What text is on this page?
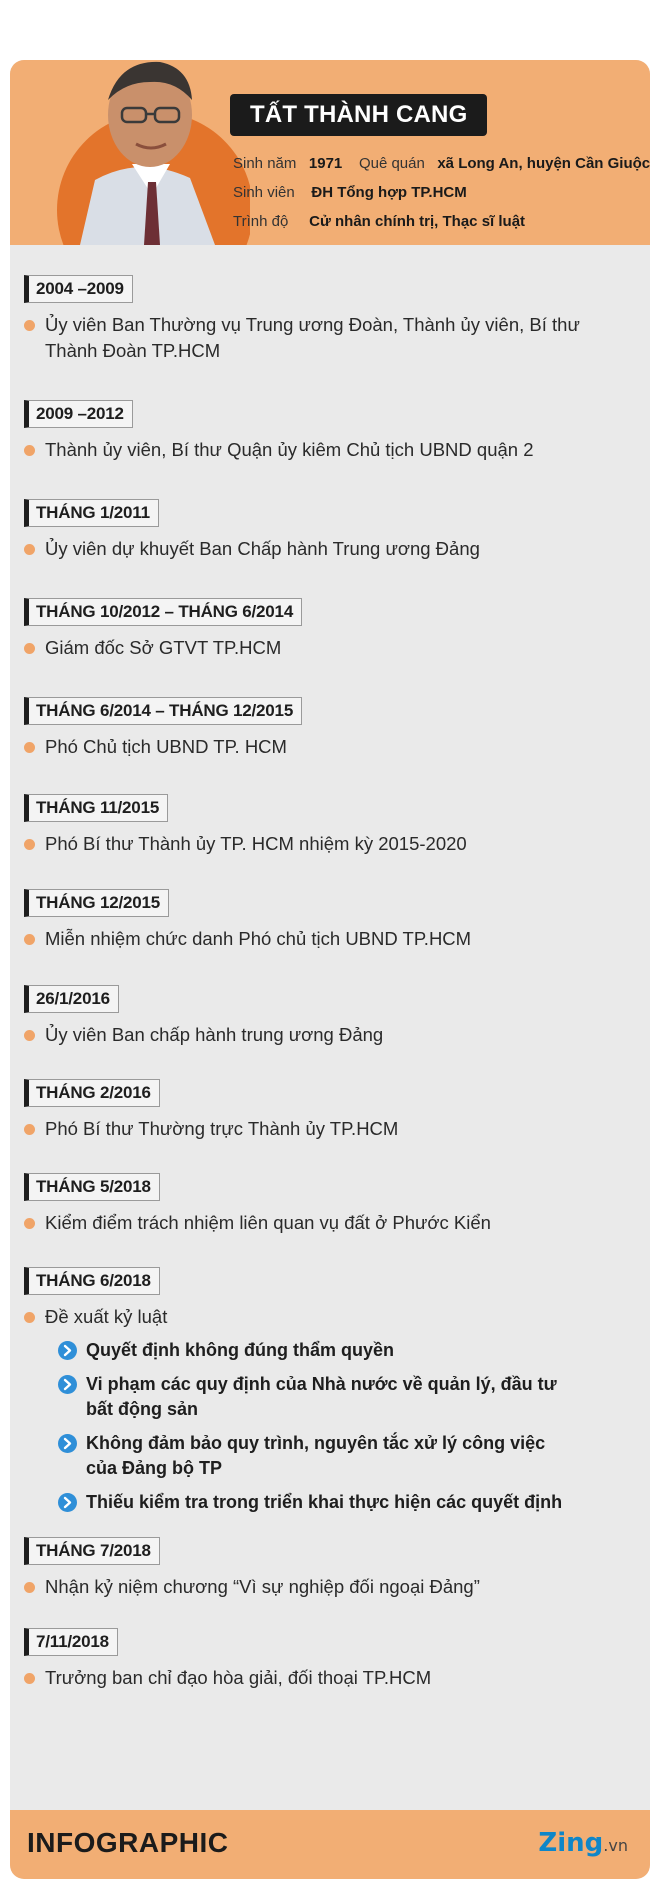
TẤT THÀNH CANG
Sinh năm 1971 Quê quán xã Long An, huyện Cần Giuộc
Sinh viên ĐH Tổng hợp TP.HCM
Trình độ Cử nhân chính trị, Thạc sĩ luật
2004 –2009
Ủy viên Ban Thường vụ Trung ương Đoàn, Thành ủy viên, Bí thư Thành Đoàn TP.HCM
2009 –2012
Thành ủy viên, Bí thư Quận ủy kiêm Chủ tịch UBND quận 2
THÁNG 1/2011
Ủy viên dự khuyết Ban Chấp hành Trung ương Đảng
THÁNG 10/2012 – THÁNG 6/2014
Giám đốc Sở GTVT TP.HCM
THÁNG 6/2014 – THÁNG 12/2015
Phó Chủ tịch UBND TP. HCM
THÁNG 11/2015
Phó Bí thư Thành ủy TP. HCM nhiệm kỳ 2015-2020
THÁNG 12/2015
Miễn nhiệm chức danh Phó chủ tịch UBND TP.HCM
26/1/2016
Ủy viên Ban chấp hành trung ương Đảng
THÁNG 2/2016
Phó Bí thư Thường trực Thành ủy TP.HCM
THÁNG 5/2018
Kiểm điểm trách nhiệm liên quan vụ đất ở Phước Kiển
THÁNG 6/2018
Đề xuất kỷ luật
Quyết định không đúng thẩm quyền
Vi phạm các quy định của Nhà nước về quản lý, đầu tư bất động sản
Không đảm bảo quy trình, nguyên tắc xử lý công việc của Đảng bộ TP
Thiếu kiểm tra trong triển khai thực hiện các quyết định
THÁNG 7/2018
Nhận kỷ niệm chương “Vì sự nghiệp đối ngoại Đảng”
7/11/2018
Trưởng ban chỉ đạo hòa giải, đối thoại TP.HCM
INFOGRAPHIC	Zing.vn
